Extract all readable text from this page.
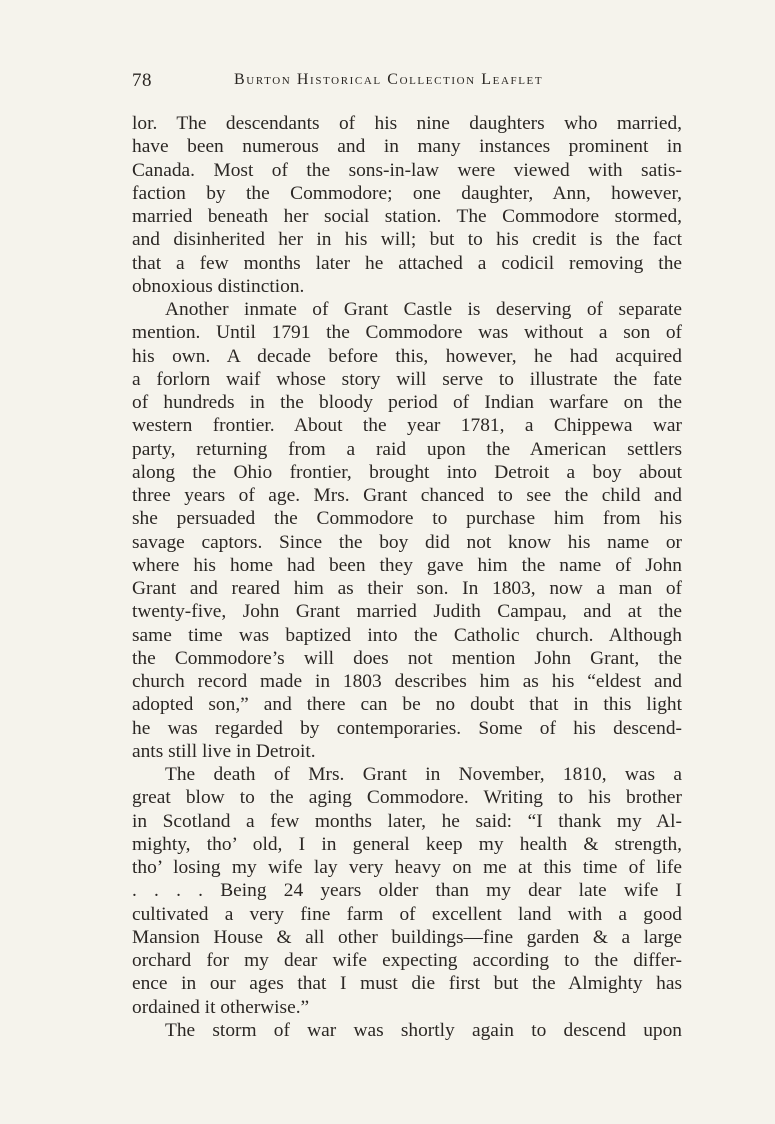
78	Burton Historical Collection Leaflet
lor. The descendants of his nine daughters who married,
have been numerous and in many instances prominent in
Canada. Most of the sons-in-law were viewed with satis-
faction by the Commodore; one daughter, Ann, however,
married beneath her social station. The Commodore stormed,
and disinherited her in his will; but to his credit is the fact
that a few months later he attached a codicil removing the
obnoxious distinction.
Another inmate of Grant Castle is deserving of separate
mention. Until 1791 the Commodore was without a son of
his own. A decade before this, however, he had acquired
a forlorn waif whose story will serve to illustrate the fate
of hundreds in the bloody period of Indian warfare on the
western frontier. About the year 1781, a Chippewa war
party, returning from a raid upon the American settlers
along the Ohio frontier, brought into Detroit a boy about
three years of age. Mrs. Grant chanced to see the child and
she persuaded the Commodore to purchase him from his
savage captors. Since the boy did not know his name or
where his home had been they gave him the name of John
Grant and reared him as their son. In 1803, now a man of
twenty-five, John Grant married Judith Campau, and at the
same time was baptized into the Catholic church. Although
the Commodore’s will does not mention John Grant, the
church record made in 1803 describes him as his “eldest and
adopted son,” and there can be no doubt that in this light
he was regarded by contemporaries. Some of his descend-
ants still live in Detroit.
The death of Mrs. Grant in November, 1810, was a
great blow to the aging Commodore. Writing to his brother
in Scotland a few months later, he said: “I thank my Al-
mighty, tho’ old, I in general keep my health & strength,
tho’ losing my wife lay very heavy on me at this time of life
. . . . Being 24 years older than my dear late wife I
cultivated a very fine farm of excellent land with a good
Mansion House & all other buildings—fine garden & a large
orchard for my dear wife expecting according to the differ-
ence in our ages that I must die first but the Almighty has
ordained it otherwise.”
The storm of war was shortly again to descend upon
